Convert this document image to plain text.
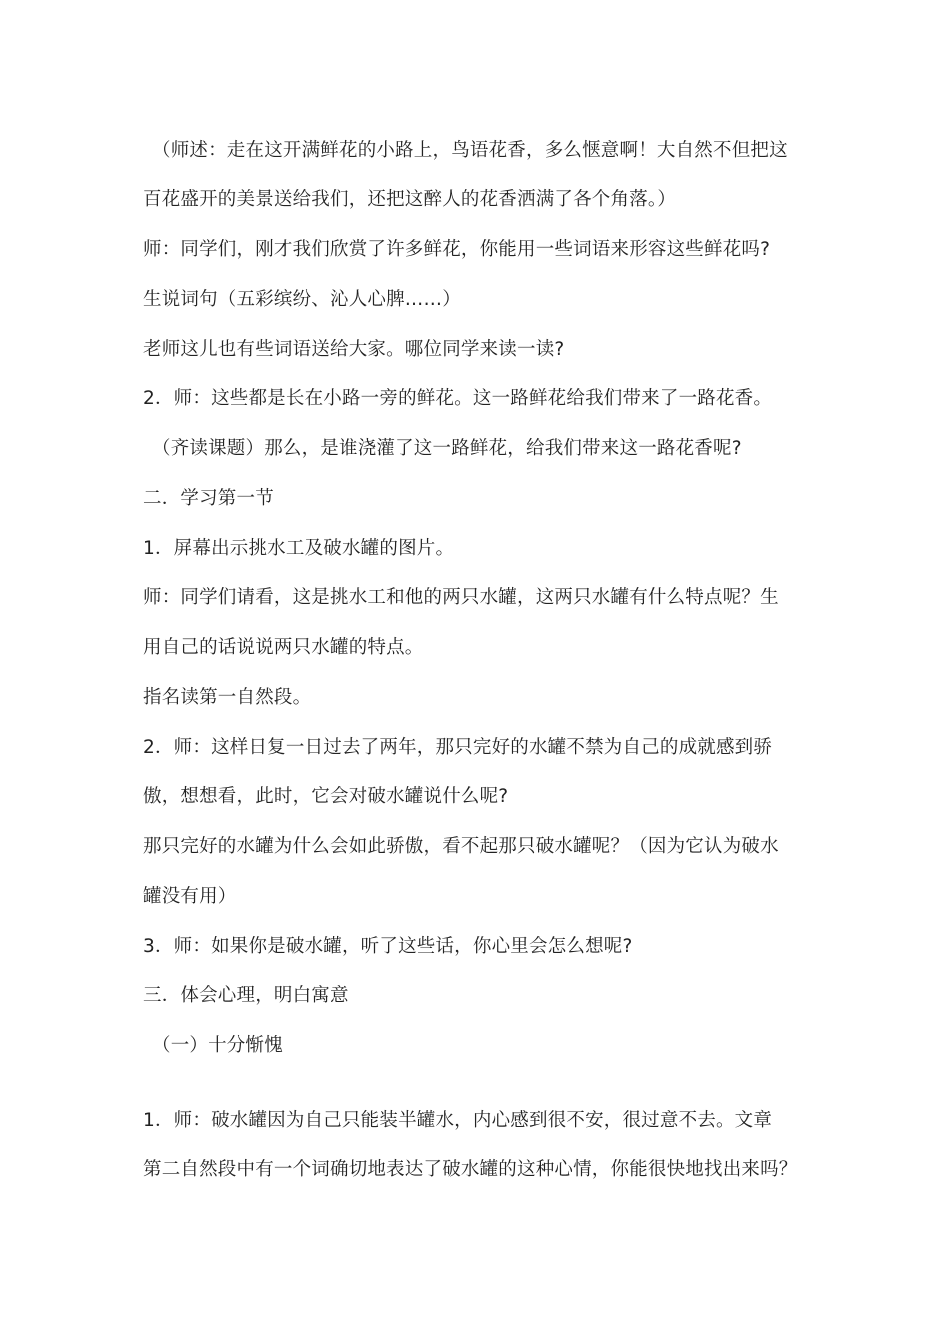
（师述：走在这开满鲜花的小路上，鸟语花香，多么惬意啊！大自然不但把这
百花盛开的美景送给我们，还把这醉人的花香洒满了各个角落。）
师：同学们，刚才我们欣赏了许多鲜花，你能用一些词语来形容这些鲜花吗?
生说词句（五彩缤纷、沁人心脾……）
老师这儿也有些词语送给大家。哪位同学来读一读?
2．师：这些都是长在小路一旁的鲜花。这一路鲜花给我们带来了一路花香。
（齐读课题）那么，是谁浇灌了这一路鲜花，给我们带来这一路花香呢?
二．学习第一节
1．屏幕出示挑水工及破水罐的图片。
师：同学们请看，这是挑水工和他的两只水罐，这两只水罐有什么特点呢？生
用自己的话说说两只水罐的特点。
指名读第一自然段。
2．师：这样日复一日过去了两年，那只完好的水罐不禁为自己的成就感到骄
傲，想想看，此时，它会对破水罐说什么呢?
那只完好的水罐为什么会如此骄傲，看不起那只破水罐呢？（因为它认为破水
罐没有用）
3．师：如果你是破水罐，听了这些话，你心里会怎么想呢?
三．体会心理，明白寓意
（一）十分惭愧
1．师：破水罐因为自己只能装半罐水，内心感到很不安，很过意不去。文章
第二自然段中有一个词确切地表达了破水罐的这种心情，你能很快地找出来吗？
